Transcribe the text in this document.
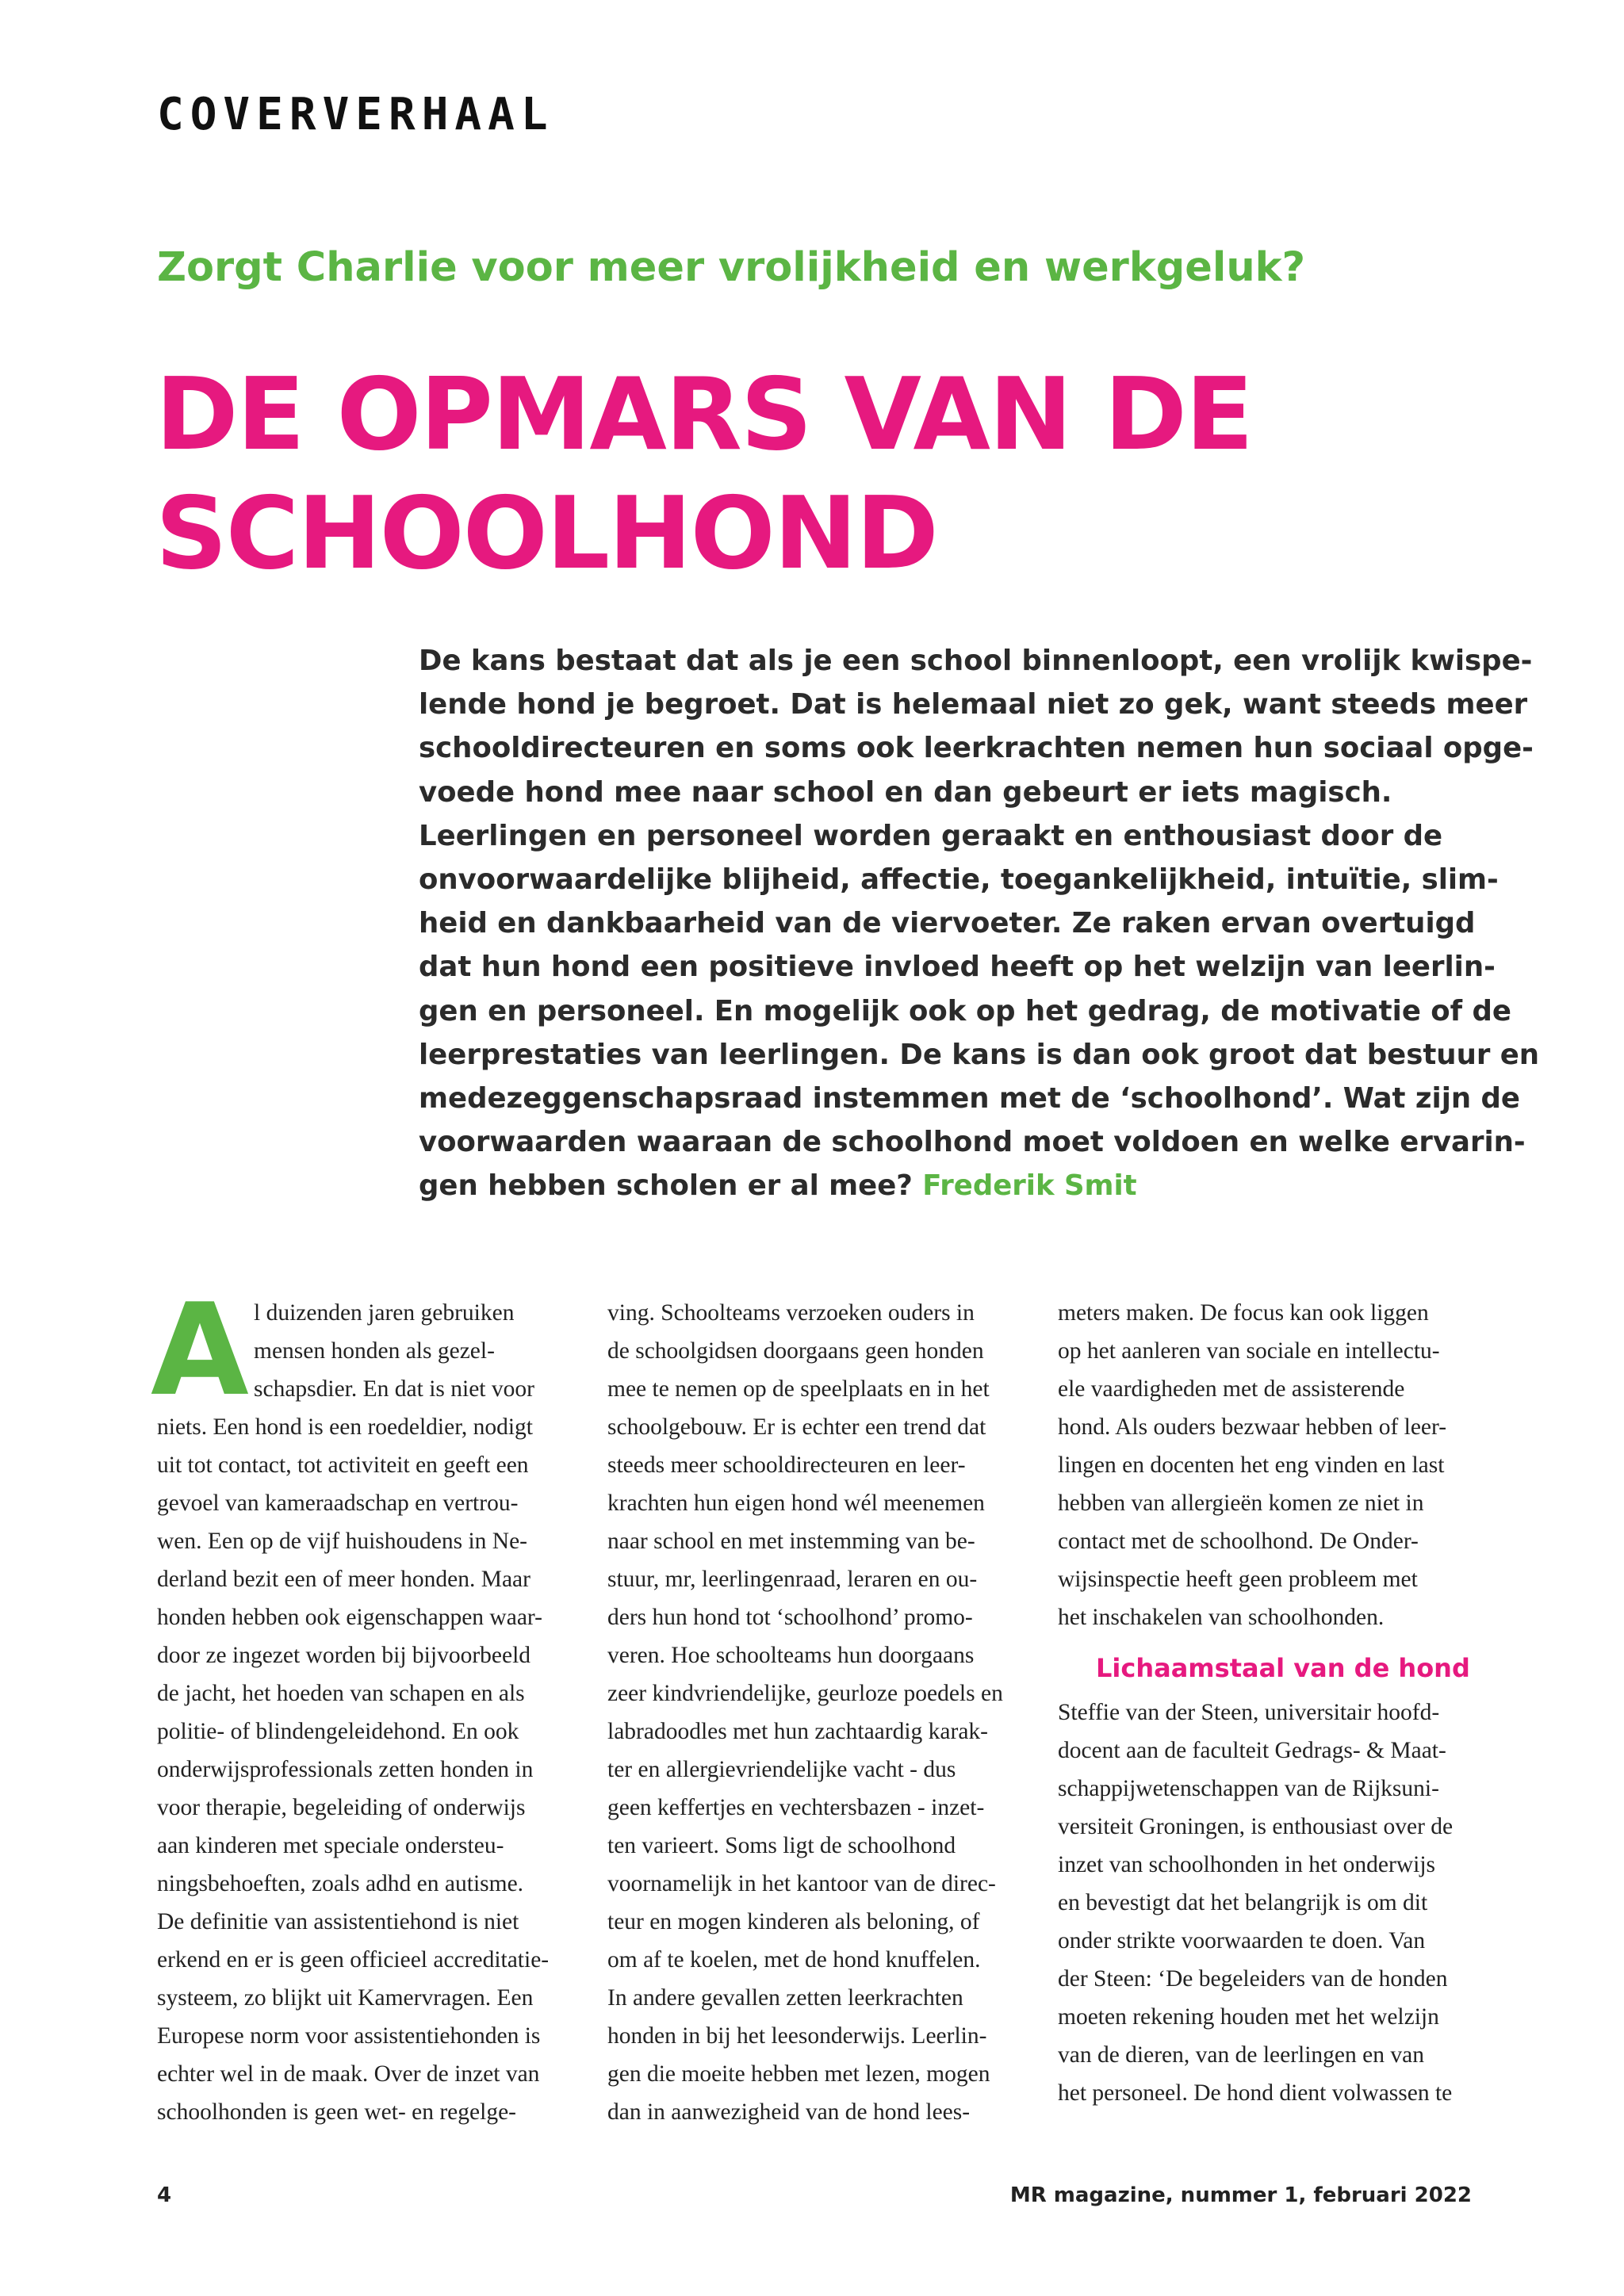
COVERVERHAAL
Zorgt Charlie voor meer vrolijkheid en werkgeluk?
DE OPMARS VAN DE
SCHOOLHOND
De kans bestaat dat als je een school binnenloopt, een vrolijk kwispe-
lende hond je begroet. Dat is helemaal niet zo gek, want steeds meer
schooldirecteuren en soms ook leerkrachten nemen hun sociaal opge-
voede hond mee naar school en dan gebeurt er iets magisch.
Leerlingen en personeel worden geraakt en enthousiast door de
onvoorwaardelijke blijheid, affectie, toegankelijkheid, intuïtie, slim-
heid en dankbaarheid van de viervoeter. Ze raken ervan overtuigd
dat hun hond een positieve invloed heeft op het welzijn van leerlin-
gen en personeel. En mogelijk ook op het gedrag, de motivatie of de
leerprestaties van leerlingen. De kans is dan ook groot dat bestuur en
medezeggenschapsraad instemmen met de ‘schoolhond’. Wat zijn de
voorwaarden waaraan de schoolhond moet voldoen en welke ervarin-
gen hebben scholen er al mee? Frederik Smit
A l duizenden jaren gebruiken
mensen honden als gezel-
schapsdier. En dat is niet voor
niets. Een hond is een roedeldier, nodigt
uit tot contact, tot activiteit en geeft een
gevoel van kameraadschap en vertrou-
wen. Een op de vijf huishoudens in Ne-
derland bezit een of meer honden. Maar
honden hebben ook eigenschappen waar-
door ze ingezet worden bij bijvoorbeeld
de jacht, het hoeden van schapen en als
politie- of blindengeleidehond. En ook
onderwijsprofessionals zetten honden in
voor therapie, begeleiding of onderwijs
aan kinderen met speciale ondersteu-
ningsbehoeften, zoals adhd en autisme.
De definitie van assistentiehond is niet
erkend en er is geen officieel accreditatie-
systeem, zo blijkt uit Kamervragen. Een
Europese norm voor assistentiehonden is
echter wel in de maak. Over de inzet van
schoolhonden is geen wet- en regelge-
ving. Schoolteams verzoeken ouders in
de schoolgidsen doorgaans geen honden
mee te nemen op de speelplaats en in het
schoolgebouw. Er is echter een trend dat
steeds meer schooldirecteuren en leer-
krachten hun eigen hond wél meenemen
naar school en met instemming van be-
stuur, mr, leerlingenraad, leraren en ou-
ders hun hond tot ‘schoolhond’ promo-
veren. Hoe schoolteams hun doorgaans
zeer kindvriendelijke, geurloze poedels en
labradoodles met hun zachtaardig karak-
ter en allergievriendelijke vacht - dus
geen keffertjes en vechtersbazen - inzet-
ten varieert. Soms ligt de schoolhond
voornamelijk in het kantoor van de direc-
teur en mogen kinderen als beloning, of
om af te koelen, met de hond knuffelen.
In andere gevallen zetten leerkrachten
honden in bij het leesonderwijs. Leerlin-
gen die moeite hebben met lezen, mogen
dan in aanwezigheid van de hond lees-
meters maken. De focus kan ook liggen
op het aanleren van sociale en intellectu-
ele vaardigheden met de assisterende
hond. Als ouders bezwaar hebben of leer-
lingen en docenten het eng vinden en last
hebben van allergieën komen ze niet in
contact met de schoolhond. De Onder-
wijsinspectie heeft geen probleem met
het inschakelen van schoolhonden.
Lichaamstaal van de hond
Steffie van der Steen, universitair hoofd-
docent aan de faculteit Gedrags- & Maat-
schappijwetenschappen van de Rijksuni-
versiteit Groningen, is enthousiast over de
inzet van schoolhonden in het onderwijs
en bevestigt dat het belangrijk is om dit
onder strikte voorwaarden te doen. Van
der Steen: ‘De begeleiders van de honden
moeten rekening houden met het welzijn
van de dieren, van de leerlingen en van
het personeel. De hond dient volwassen te
4	MR magazine, nummer 1, februari 2022
